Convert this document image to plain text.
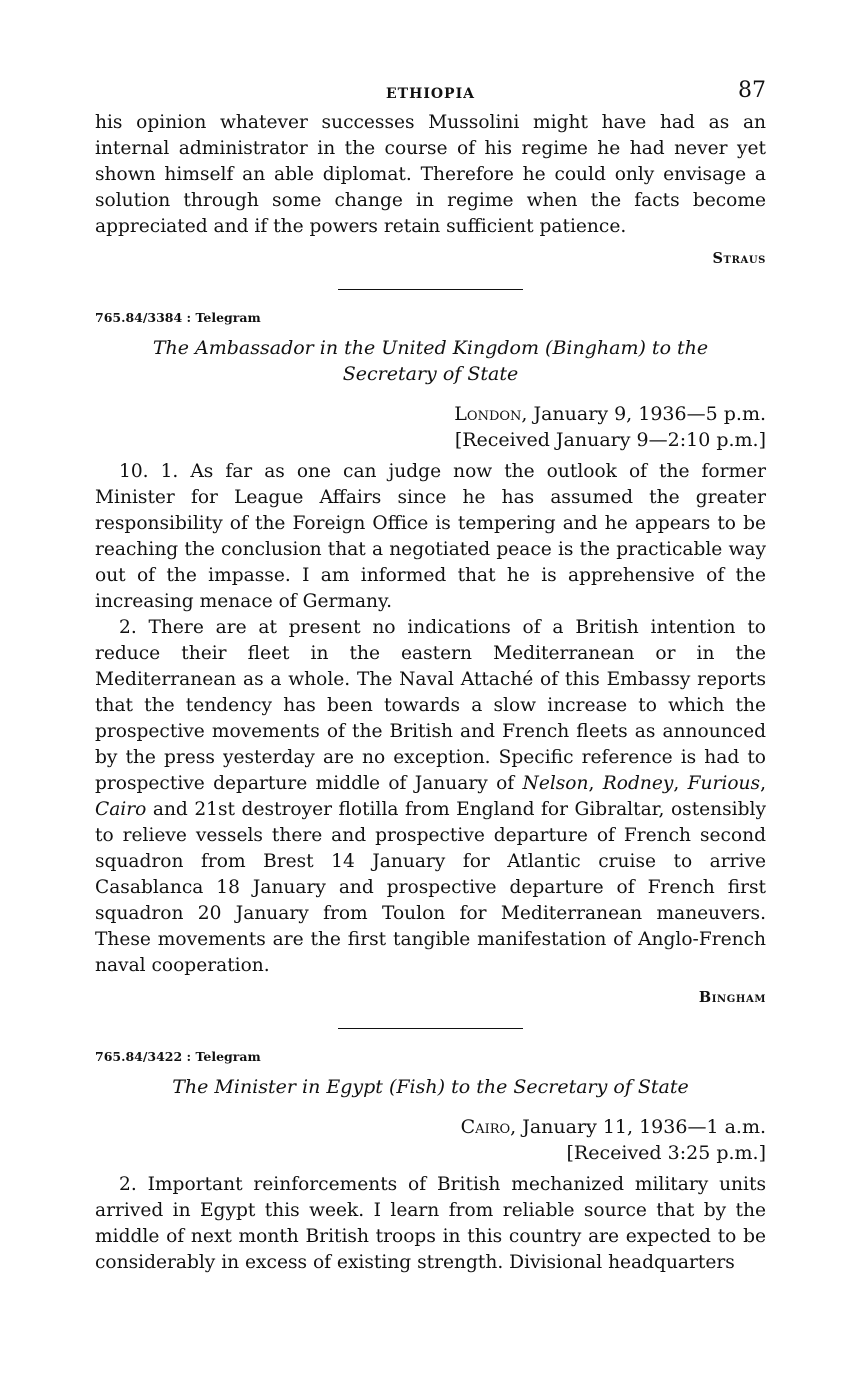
ETHIOPIA	87

his opinion whatever successes Mussolini might have had as an internal administrator in the course of his regime he had never yet shown himself an able diplomat. Therefore he could only envisage a solution through some change in regime when the facts become appreciated and if the powers retain sufficient patience.

Straus
765.84/3384 : Telegram
The Ambassador in the United Kingdom (Bingham) to the Secretary of State
London, January 9, 1936—5 p.m.
[Received January 9—2:10 p.m.]

10. 1. As far as one can judge now the outlook of the former Minister for League Affairs since he has assumed the greater responsibility of the Foreign Office is tempering and he appears to be reaching the conclusion that a negotiated peace is the practicable way out of the impasse. I am informed that he is apprehensive of the increasing menace of Germany.

2. There are at present no indications of a British intention to reduce their fleet in the eastern Mediterranean or in the Mediterranean as a whole. The Naval Attaché of this Embassy reports that the tendency has been towards a slow increase to which the prospective movements of the British and French fleets as announced by the press yesterday are no exception. Specific reference is had to prospective departure middle of January of Nelson, Rodney, Furious, Cairo and 21st destroyer flotilla from England for Gibraltar, ostensibly to relieve vessels there and prospective departure of French second squadron from Brest 14 January for Atlantic cruise to arrive Casablanca 18 January and prospective departure of French first squadron 20 January from Toulon for Mediterranean maneuvers. These movements are the first tangible manifestation of Anglo-French naval cooperation.

Bingham
765.84/3422 : Telegram
The Minister in Egypt (Fish) to the Secretary of State
Cairo, January 11, 1936—1 a.m.
[Received 3:25 p.m.]

2. Important reinforcements of British mechanized military units arrived in Egypt this week. I learn from reliable source that by the middle of next month British troops in this country are expected to be considerably in excess of existing strength. Divisional headquarters
